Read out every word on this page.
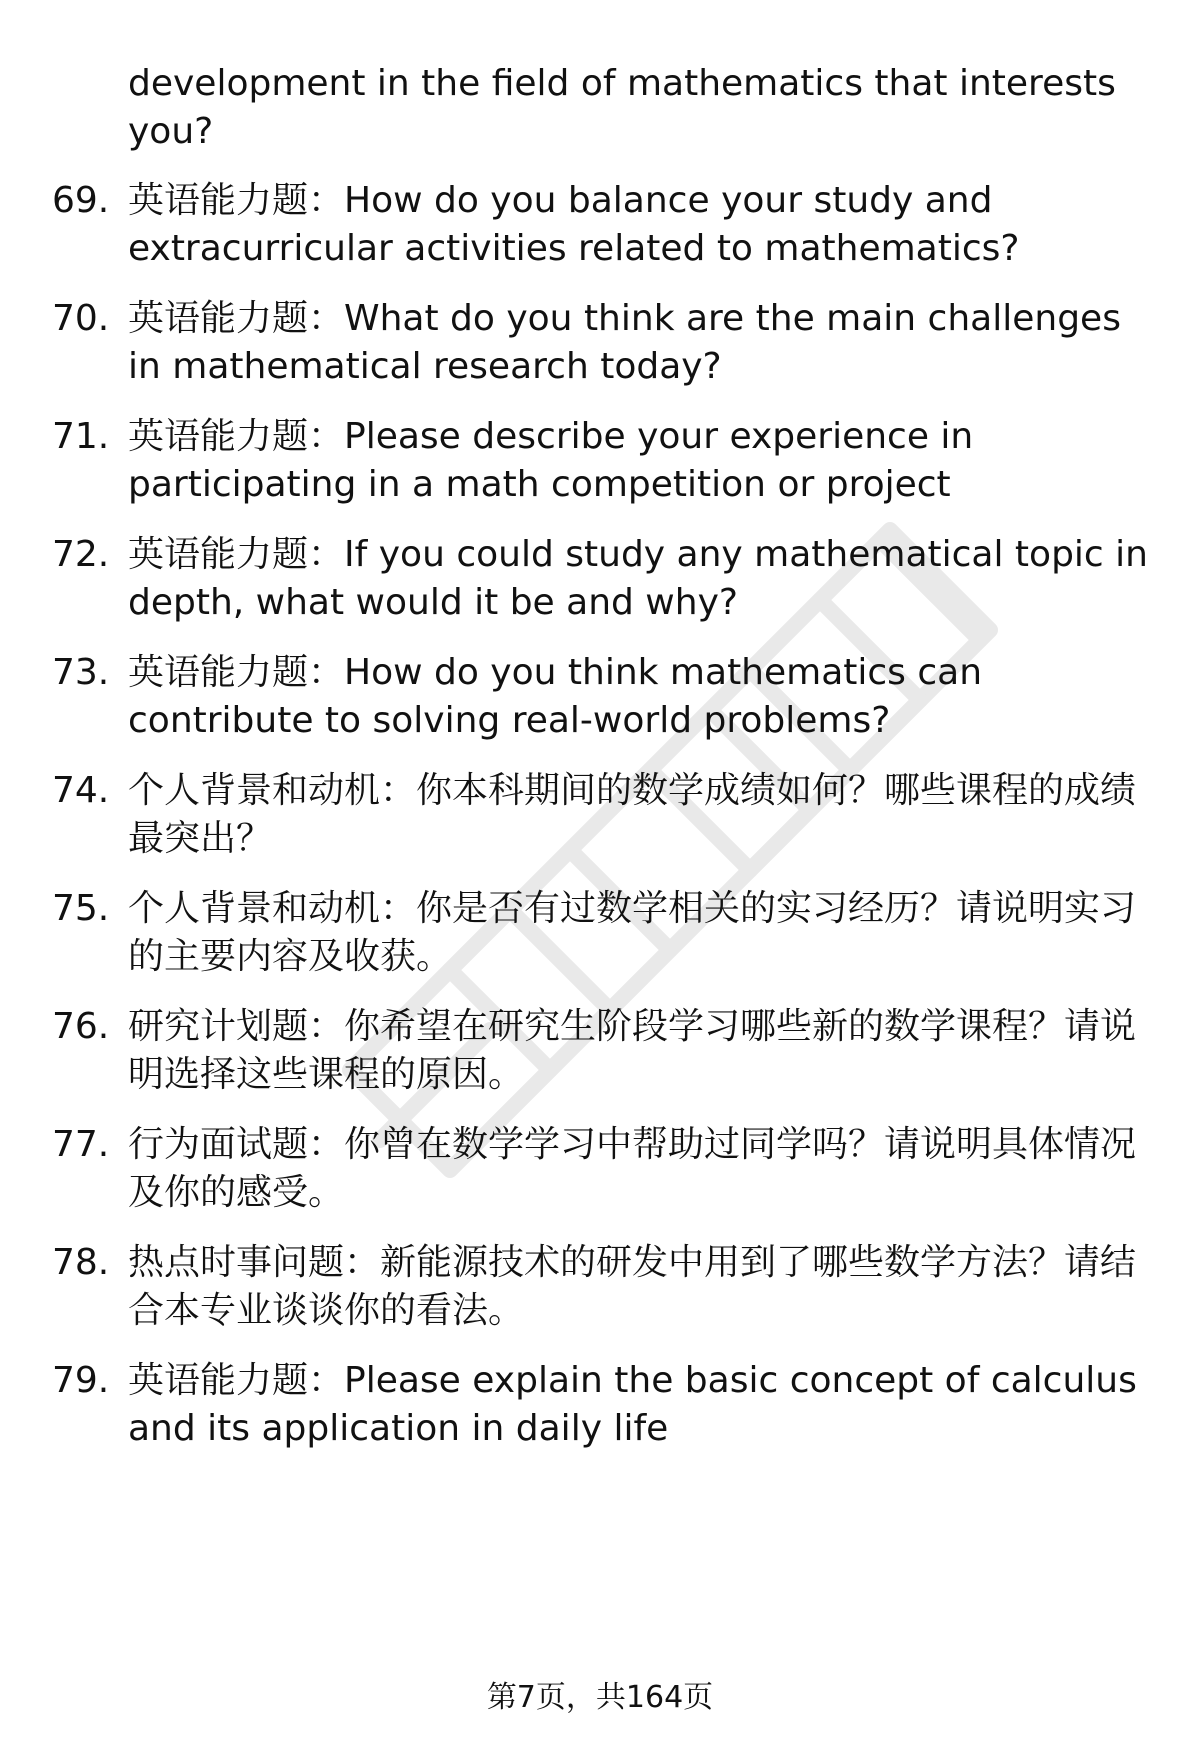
development in the field of mathematics that interests you?
69. 英语能力题：How do you balance your study and extracurricular activities related to mathematics?
70. 英语能力题：What do you think are the main challenges in mathematical research today?
71. 英语能力题：Please describe your experience in participating in a math competition or project
72. 英语能力题：If you could study any mathematical topic in depth, what would it be and why?
73. 英语能力题：How do you think mathematics can contribute to solving real-world problems?
74. 个人背景和动机：你本科期间的数学成绩如何？哪些课程的成绩最突出？
75. 个人背景和动机：你是否有过数学相关的实习经历？请说明实习的主要内容及收获。
76. 研究计划题：你希望在研究生阶段学习哪些新的数学课程？请说明选择这些课程的原因。
77. 行为面试题：你曾在数学学习中帮助过同学吗？请说明具体情况及你的感受。
78. 热点时事问题：新能源技术的研发中用到了哪些数学方法？请结合本专业谈谈你的看法。
79. 英语能力题：Please explain the basic concept of calculus and its application in daily life
第7页，共164页
